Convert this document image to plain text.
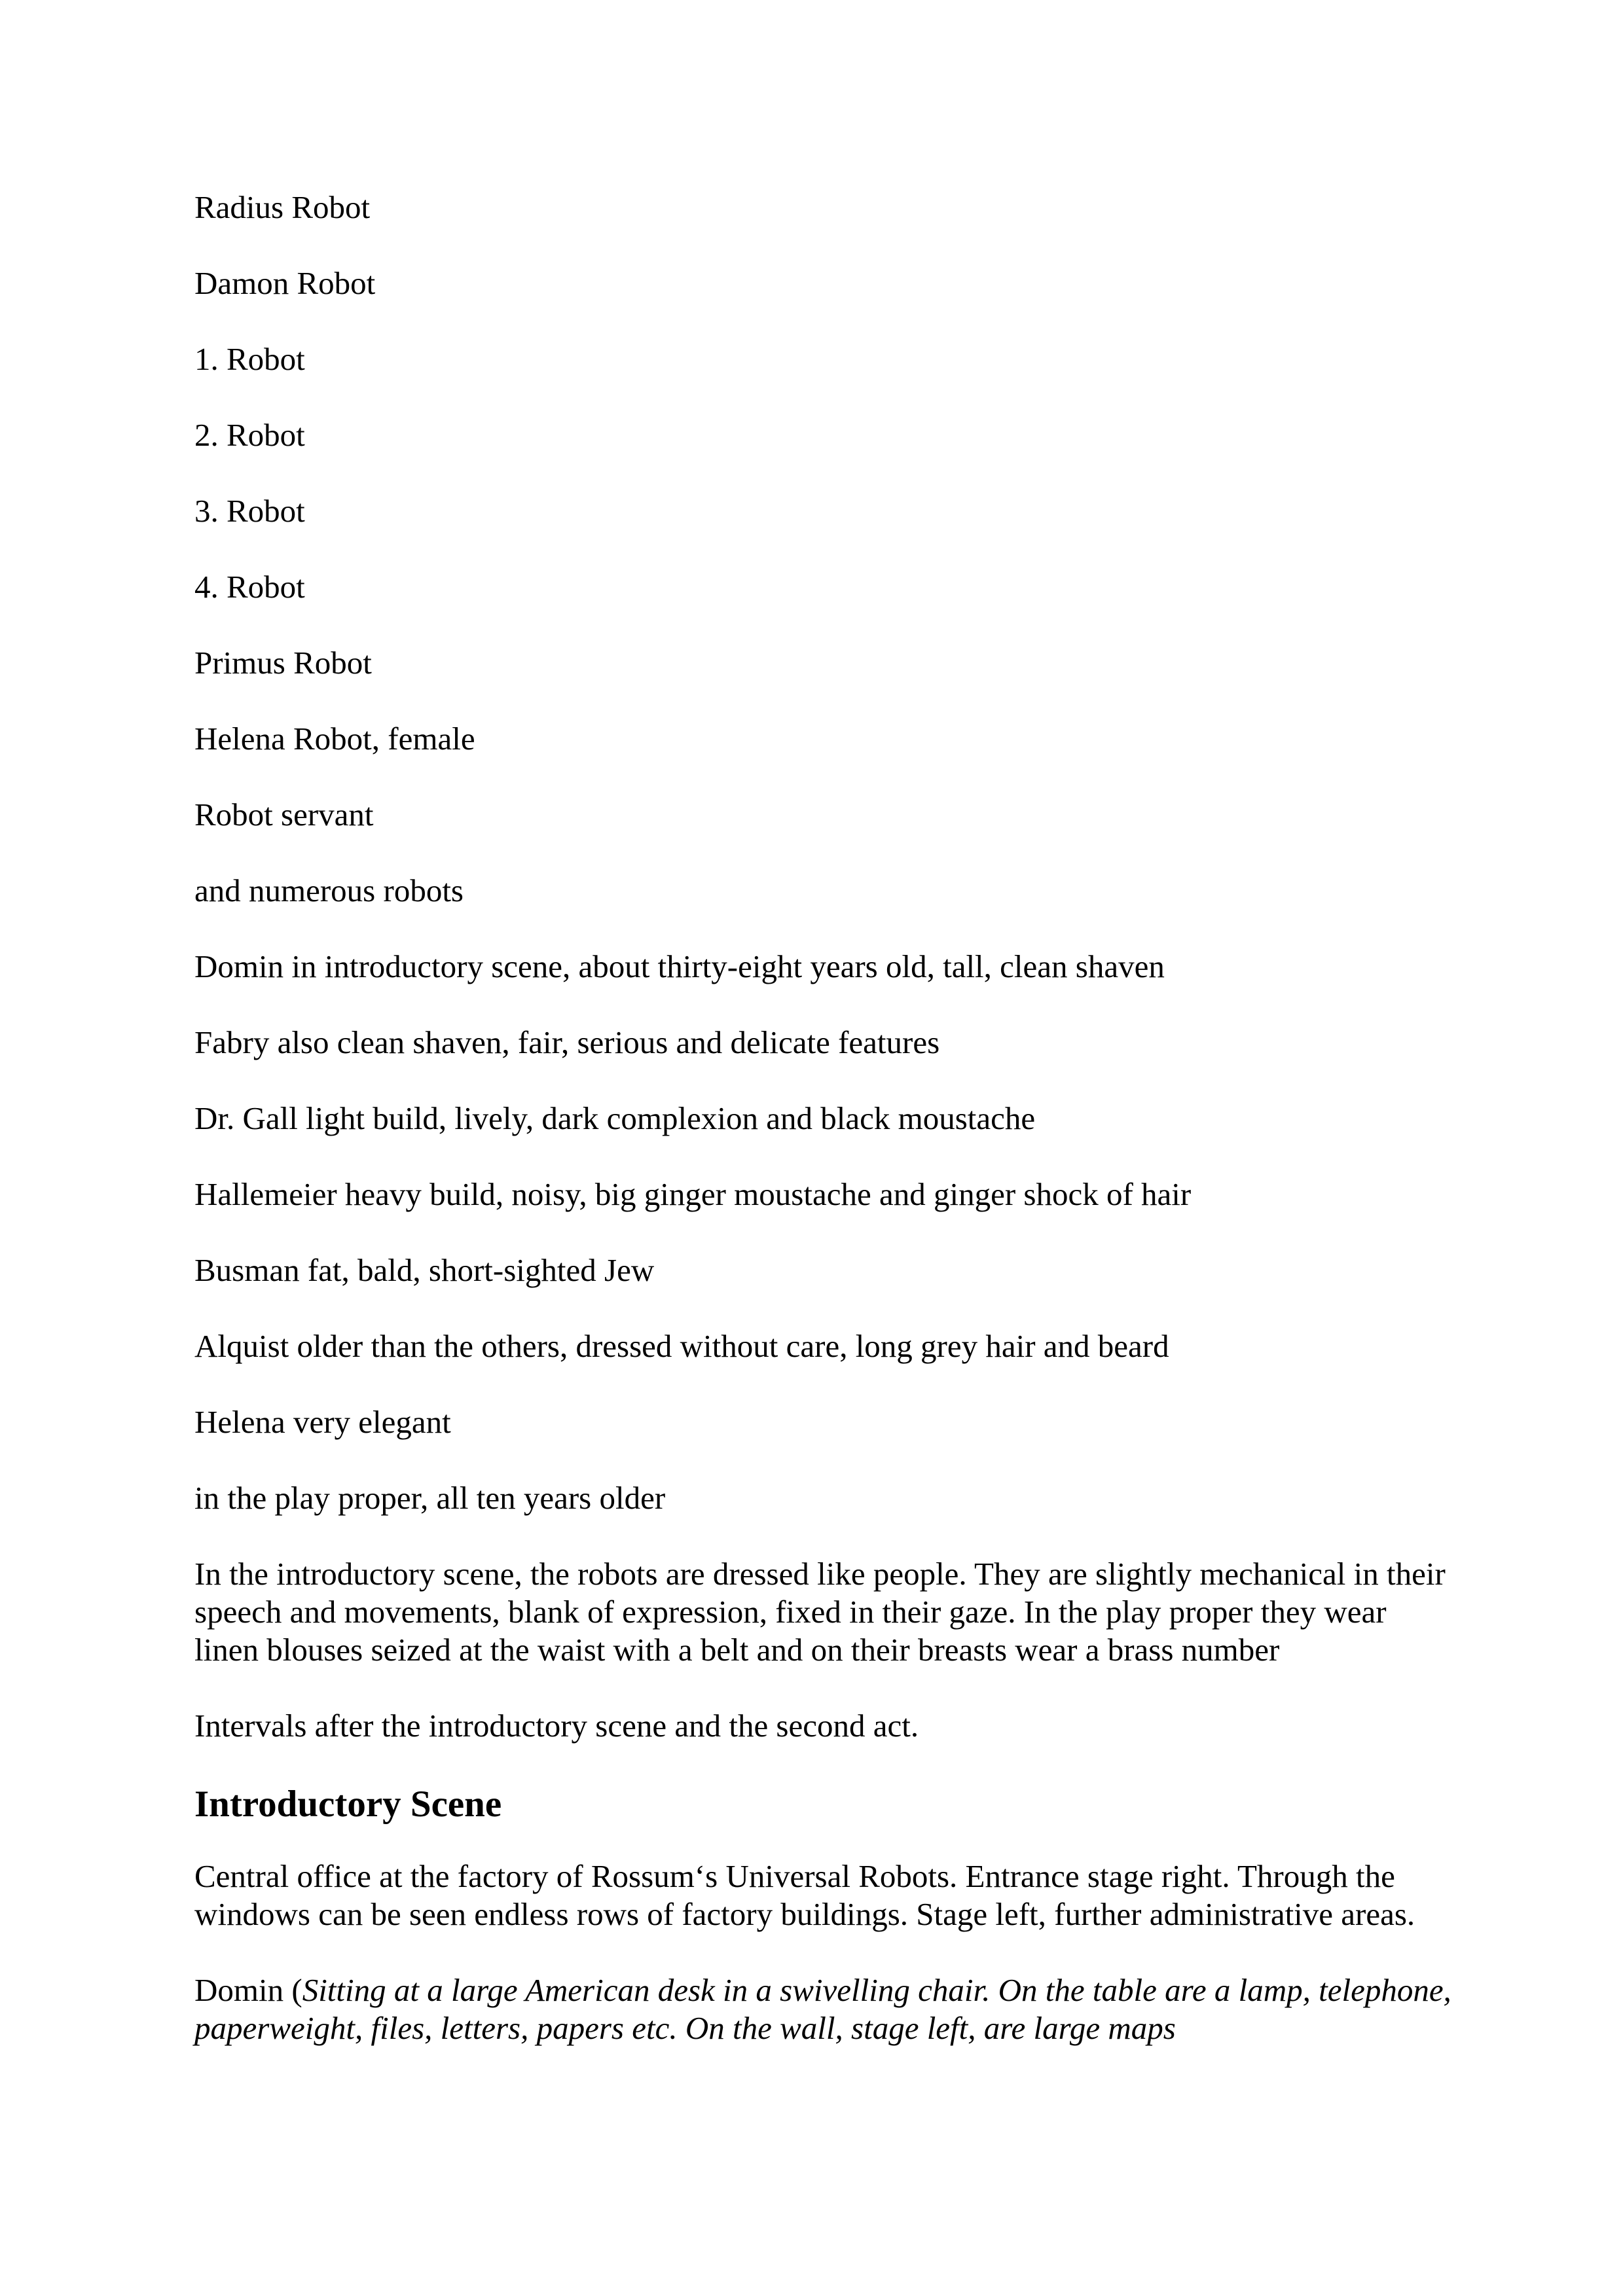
Radius Robot
Damon Robot
1. Robot
2. Robot
3. Robot
4. Robot
Primus Robot
Helena Robot, female
Robot servant
and numerous robots
Domin in introductory scene, about thirty-eight years old, tall, clean shaven
Fabry also clean shaven, fair, serious and delicate features
Dr. Gall light build, lively, dark complexion and black moustache
Hallemeier heavy build, noisy, big ginger moustache and ginger shock of hair
Busman fat, bald, short-sighted Jew
Alquist older than the others, dressed without care, long grey hair and beard
Helena very elegant
in the play proper, all ten years older

In the introductory scene, the robots are dressed like people. They are slightly mechanical in their speech and movements, blank of expression, fixed in their gaze. In the play proper they wear linen blouses seized at the waist with a belt and on their breasts wear a brass number

Intervals after the introductory scene and the second act.

Introductory Scene

Central office at the factory of Rossum‘s Universal Robots. Entrance stage right. Through the windows can be seen endless rows of factory buildings. Stage left, further administrative areas.

Domin (Sitting at a large American desk in a swivelling chair. On the table are a lamp, telephone, paperweight, files, letters, papers etc. On the wall, stage left, are large maps
